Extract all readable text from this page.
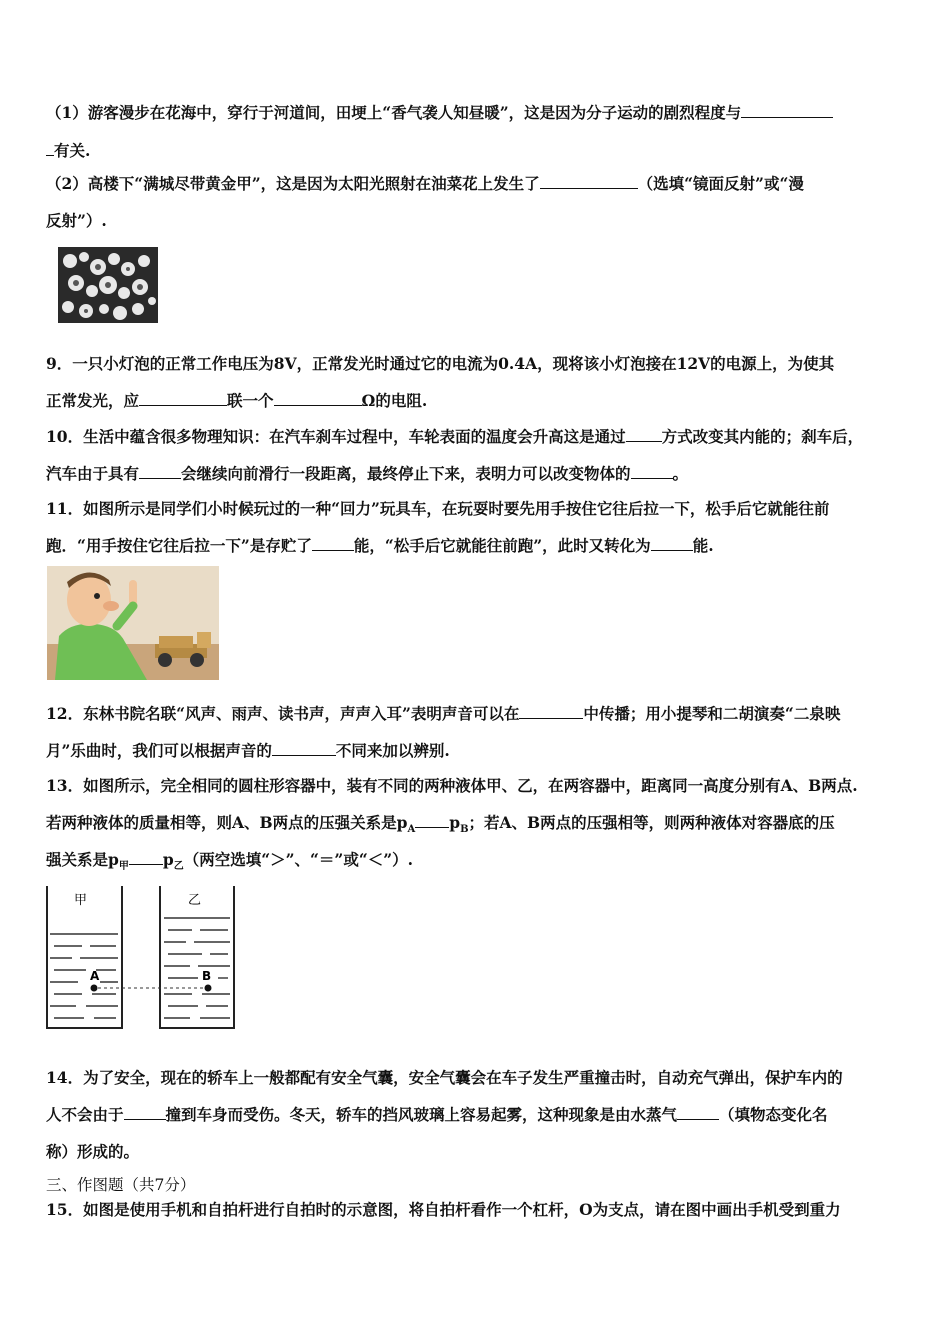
（1）游客漫步在花海中，穿行于河道间，田埂上“香气袭人知昼暖”，这是因为分子运动的剧烈程度与
有关.
（2）高楼下“满城尽带黄金甲”，这是因为太阳光照射在油菜花上发生了	（选填“镜面反射”或“漫
反射”）.
9．一只小灯泡的正常工作电压为8V，正常发光时通过它的电流为0.4A，现将该小灯泡接在12V的电源上，为使其
正常发光，应	联一个	Ω的电阻.
10．生活中蕴含很多物理知识：在汽车刹车过程中，车轮表面的温度会升高这是通过 方式改变其内能的；刹车后，
汽车由于具有	会继续向前滑行一段距离，最终停止下来，表明力可以改变物体的	。
11．如图所示是同学们小时候玩过的一种“回力”玩具车，在玩耍时要先用手按住它往后拉一下，松手后它就能往前
跑．“用手按住它往后拉一下”是存贮了	能，“松手后它就能往前跑”，此时又转化为	能.
12．东林书院名联“风声、雨声、读书声，声声入耳”表明声音可以在	中传播；用小提琴和二胡演奏“二泉映
月”乐曲时，我们可以根据声音的	不同来加以辨别.
13．如图所示，完全相同的圆柱形容器中，装有不同的两种液体甲、乙，在两容器中，距离同一高度分别有A、B两点.
若两种液体的质量相等，则A、B两点的压强关系是$p_A$ $p_B$；若A、B两点的压强相等，则两种液体对容器底的压
强关系是$p_甲$ $p_乙$（两空选填“＞”、“＝”或“＜”）.
甲
A
乙
B
14．为了安全，现在的轿车上一般都配有安全气囊，安全气囊会在车子发生严重撞击时，自动充气弹出，保护车内的
人不会由于	撞到车身而受伤。冬天，轿车的挡风玻璃上容易起雾，这种现象是由水蒸气	（填物态变化名
称）形成的。
三、作图题（共7分）
15．如图是使用手机和自拍杆进行自拍时的示意图，将自拍杆看作一个杠杆，O为支点，请在图中画出手机受到重力
